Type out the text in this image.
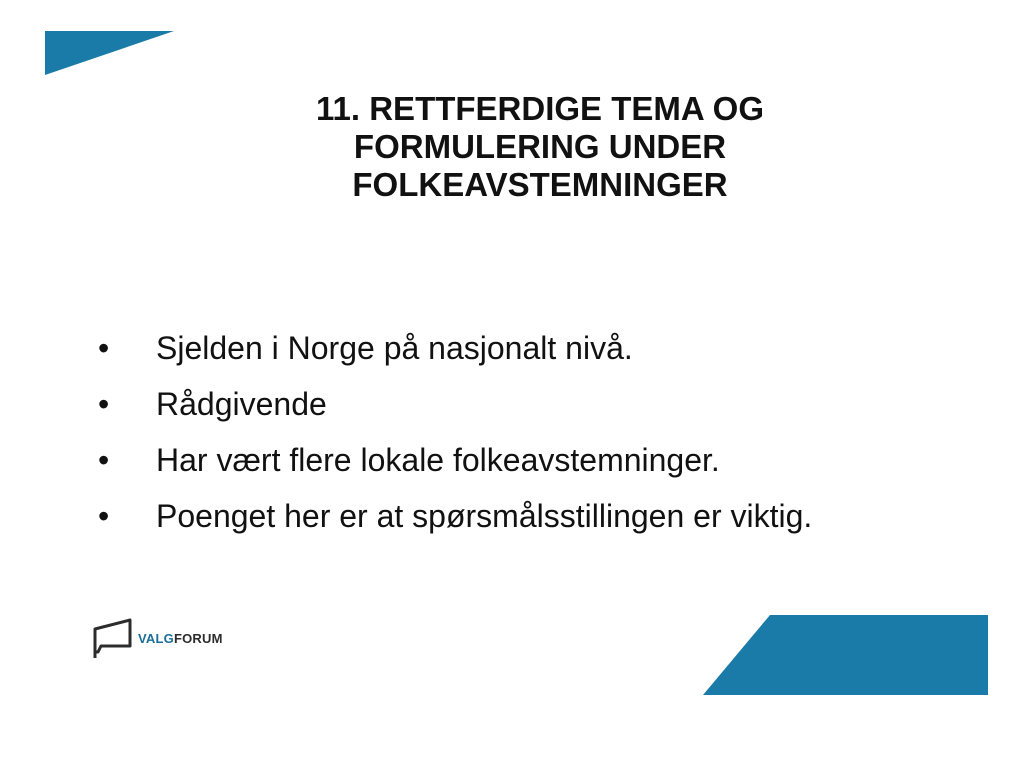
11. RETTFERDIGE TEMA OG
FORMULERING UNDER
FOLKEAVSTEMNINGER
• Sjelden i Norge på nasjonalt nivå.
• Rådgivende
• Har vært flere lokale folkeavstemninger.
• Poenget her er at spørsmålsstillingen er viktig.
VALG FORUM
